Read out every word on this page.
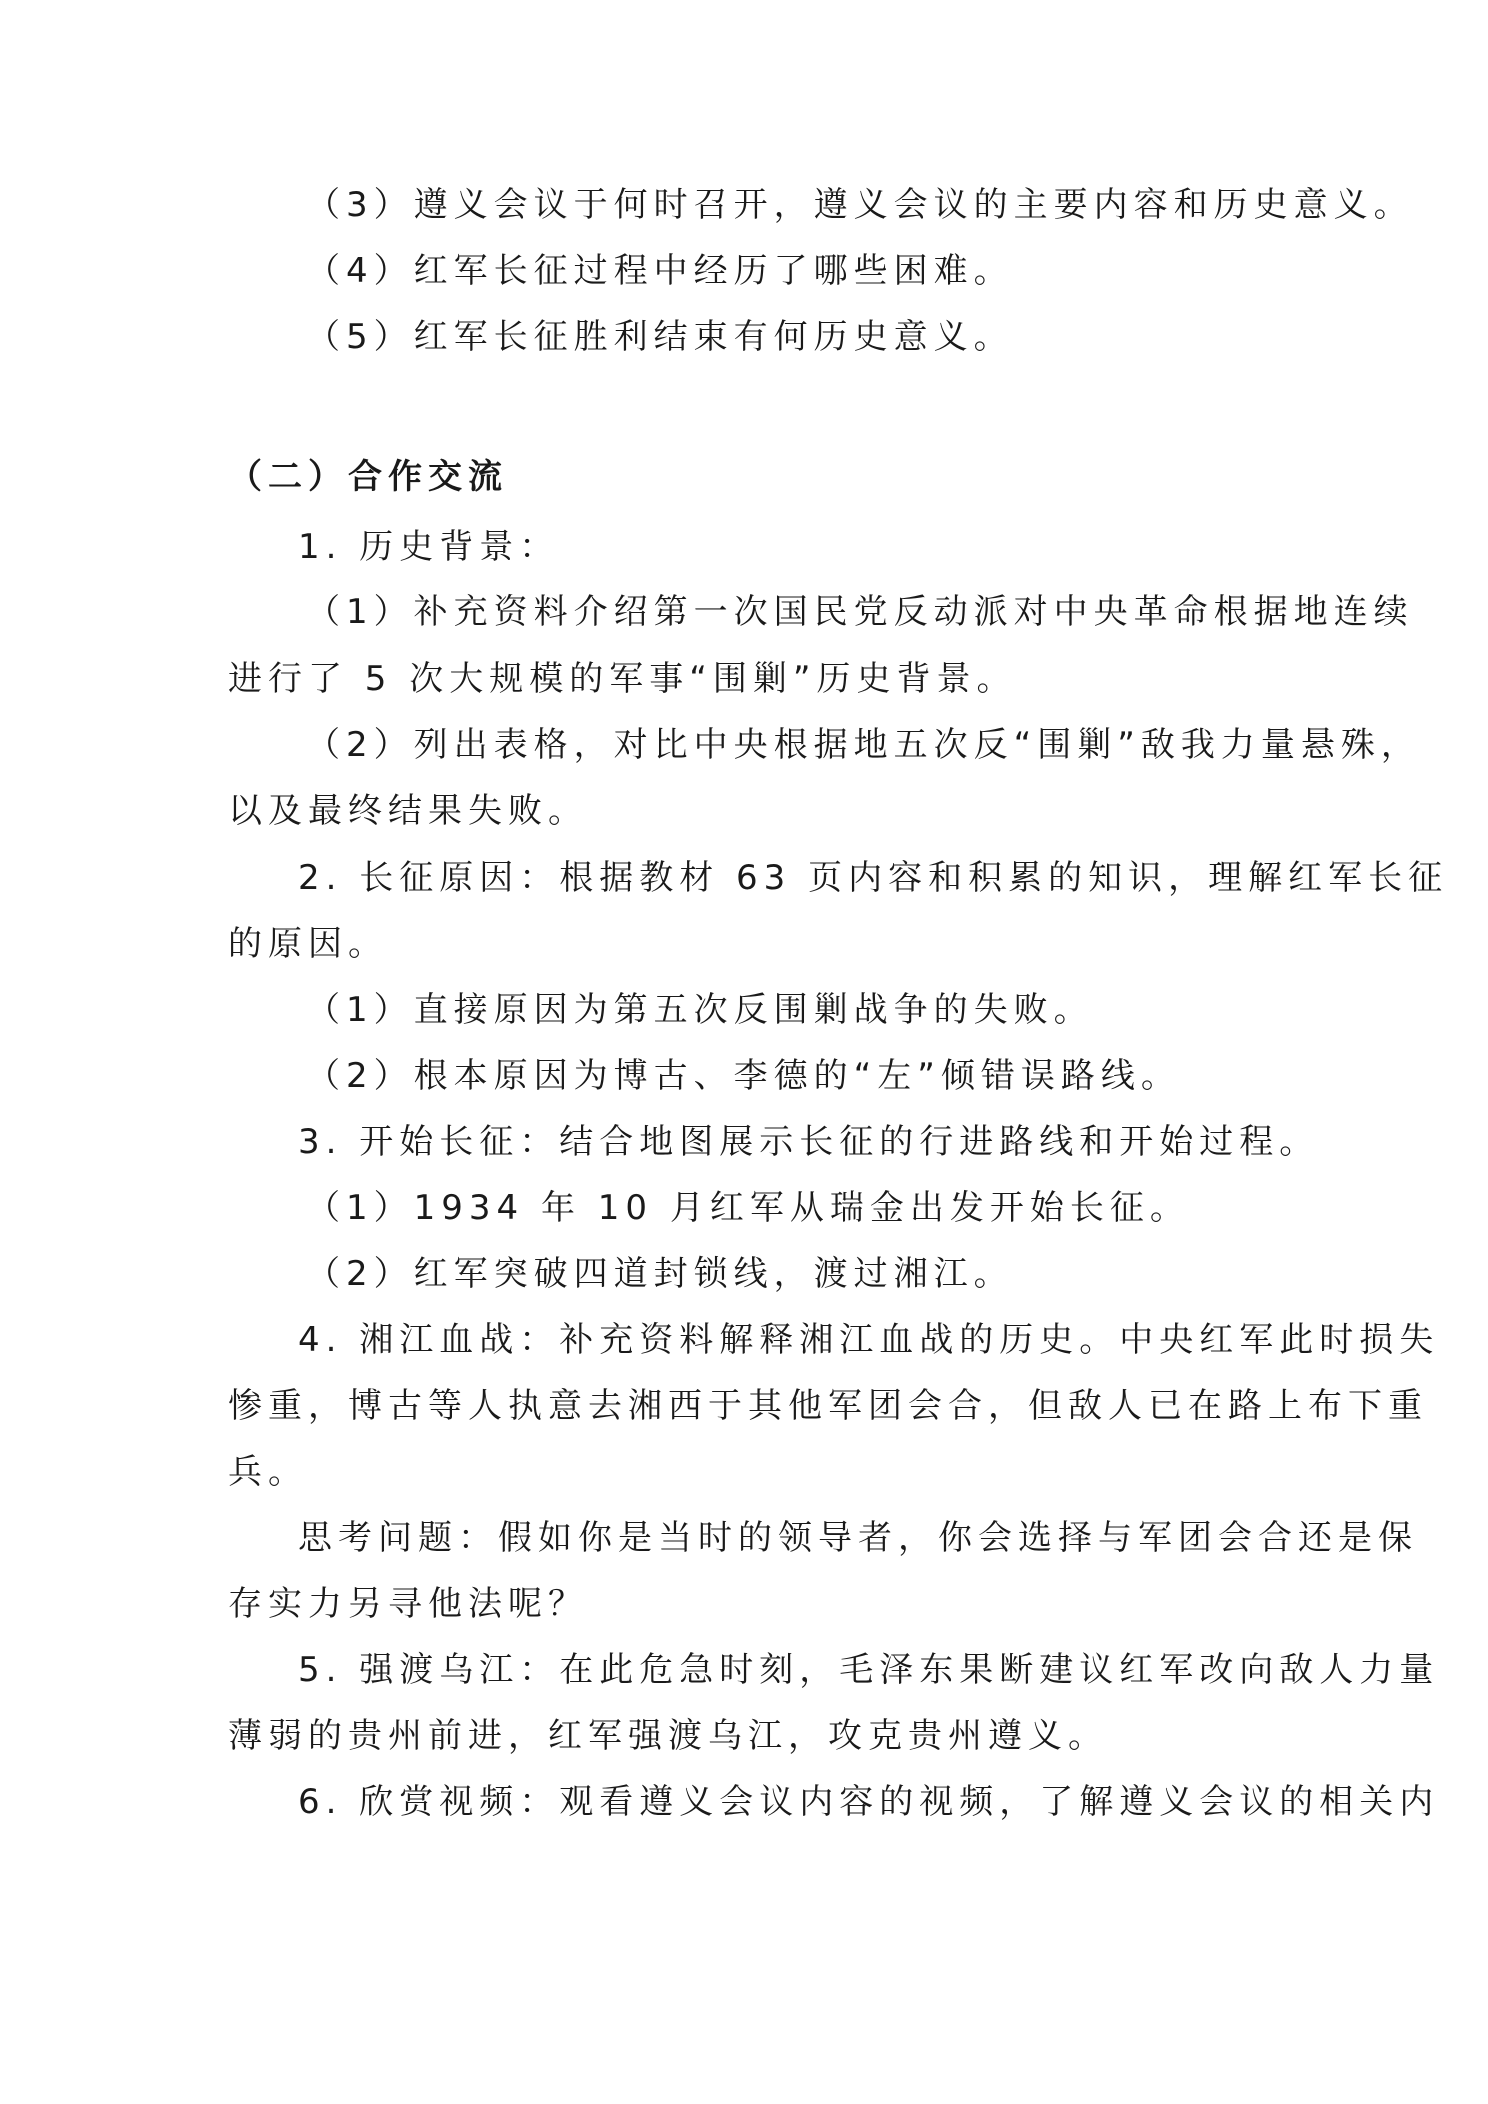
（3）遵义会议于何时召开，遵义会议的主要内容和历史意义。
（4）红军长征过程中经历了哪些困难。
（5）红军长征胜利结束有何历史意义。
（二）合作交流
1. 历史背景：
（1）补充资料介绍第一次国民党反动派对中央革命根据地连续
进行了 5 次大规模的军事“围剿”历史背景。
（2）列出表格，对比中央根据地五次反“围剿”敌我力量悬殊，
以及最终结果失败。
2. 长征原因：根据教材 63 页内容和积累的知识，理解红军长征
的原因。
（1）直接原因为第五次反围剿战争的失败。
（2）根本原因为博古、李德的“左”倾错误路线。
3. 开始长征：结合地图展示长征的行进路线和开始过程。
（1）1934 年 10 月红军从瑞金出发开始长征。
（2）红军突破四道封锁线，渡过湘江。
4. 湘江血战：补充资料解释湘江血战的历史。中央红军此时损失
惨重，博古等人执意去湘西于其他军团会合，但敌人已在路上布下重
兵。
思考问题：假如你是当时的领导者，你会选择与军团会合还是保
存实力另寻他法呢？
5. 强渡乌江：在此危急时刻，毛泽东果断建议红军改向敌人力量
薄弱的贵州前进，红军强渡乌江，攻克贵州遵义。
6. 欣赏视频：观看遵义会议内容的视频，了解遵义会议的相关内
